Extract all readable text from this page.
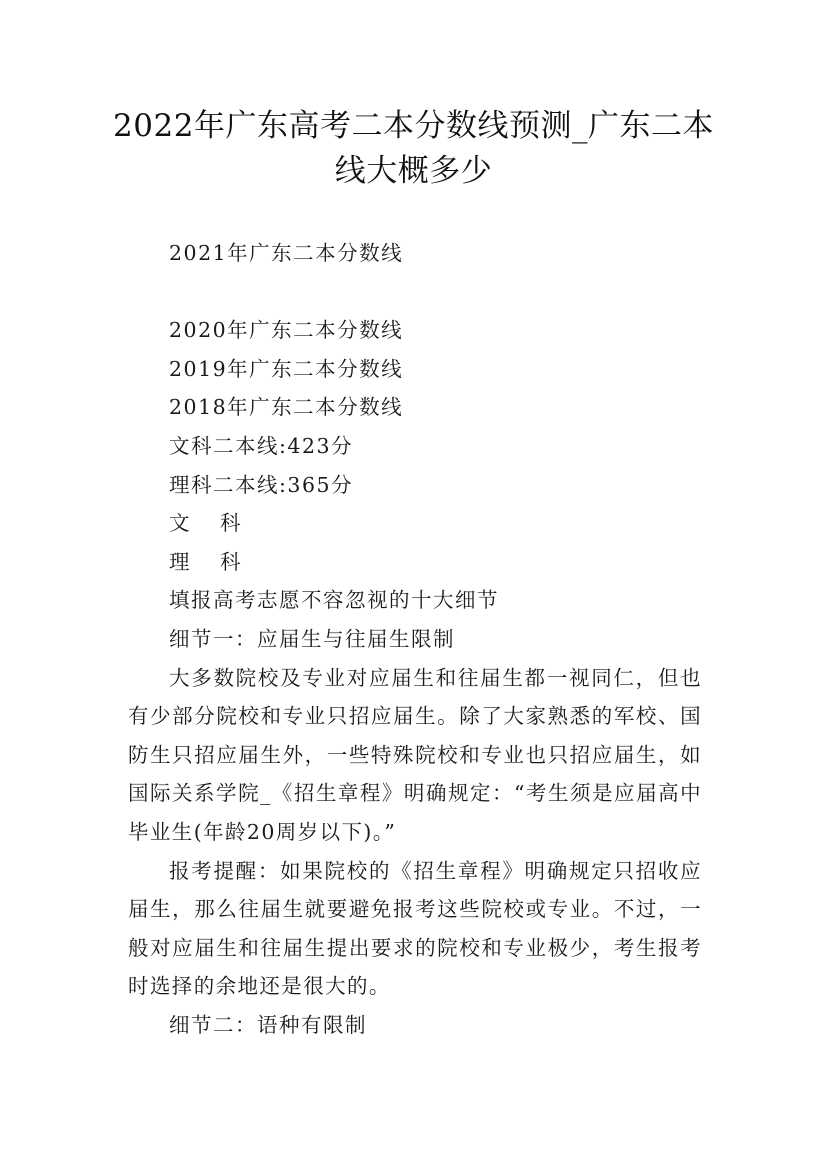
2022年广东高考二本分数线预测_广东二本线大概多少
2021年广东二本分数线
2020年广东二本分数线
2019年广东二本分数线
2018年广东二本分数线
文科二本线:423分
理科二本线:365分
文 科
理 科
填报高考志愿不容忽视的十大细节
细节一：应届生与往届生限制
大多数院校及专业对应届生和往届生都一视同仁，但也有少部分院校和专业只招应届生。除了大家熟悉的军校、国防生只招应届生外，一些特殊院校和专业也只招应届生，如国际关系学院_《招生章程》明确规定：“考生须是应届高中毕业生(年龄20周岁以下)。”
报考提醒：如果院校的《招生章程》明确规定只招收应届生，那么往届生就要避免报考这些院校或专业。不过，一般对应届生和往届生提出要求的院校和专业极少，考生报考时选择的余地还是很大的。
细节二：语种有限制
